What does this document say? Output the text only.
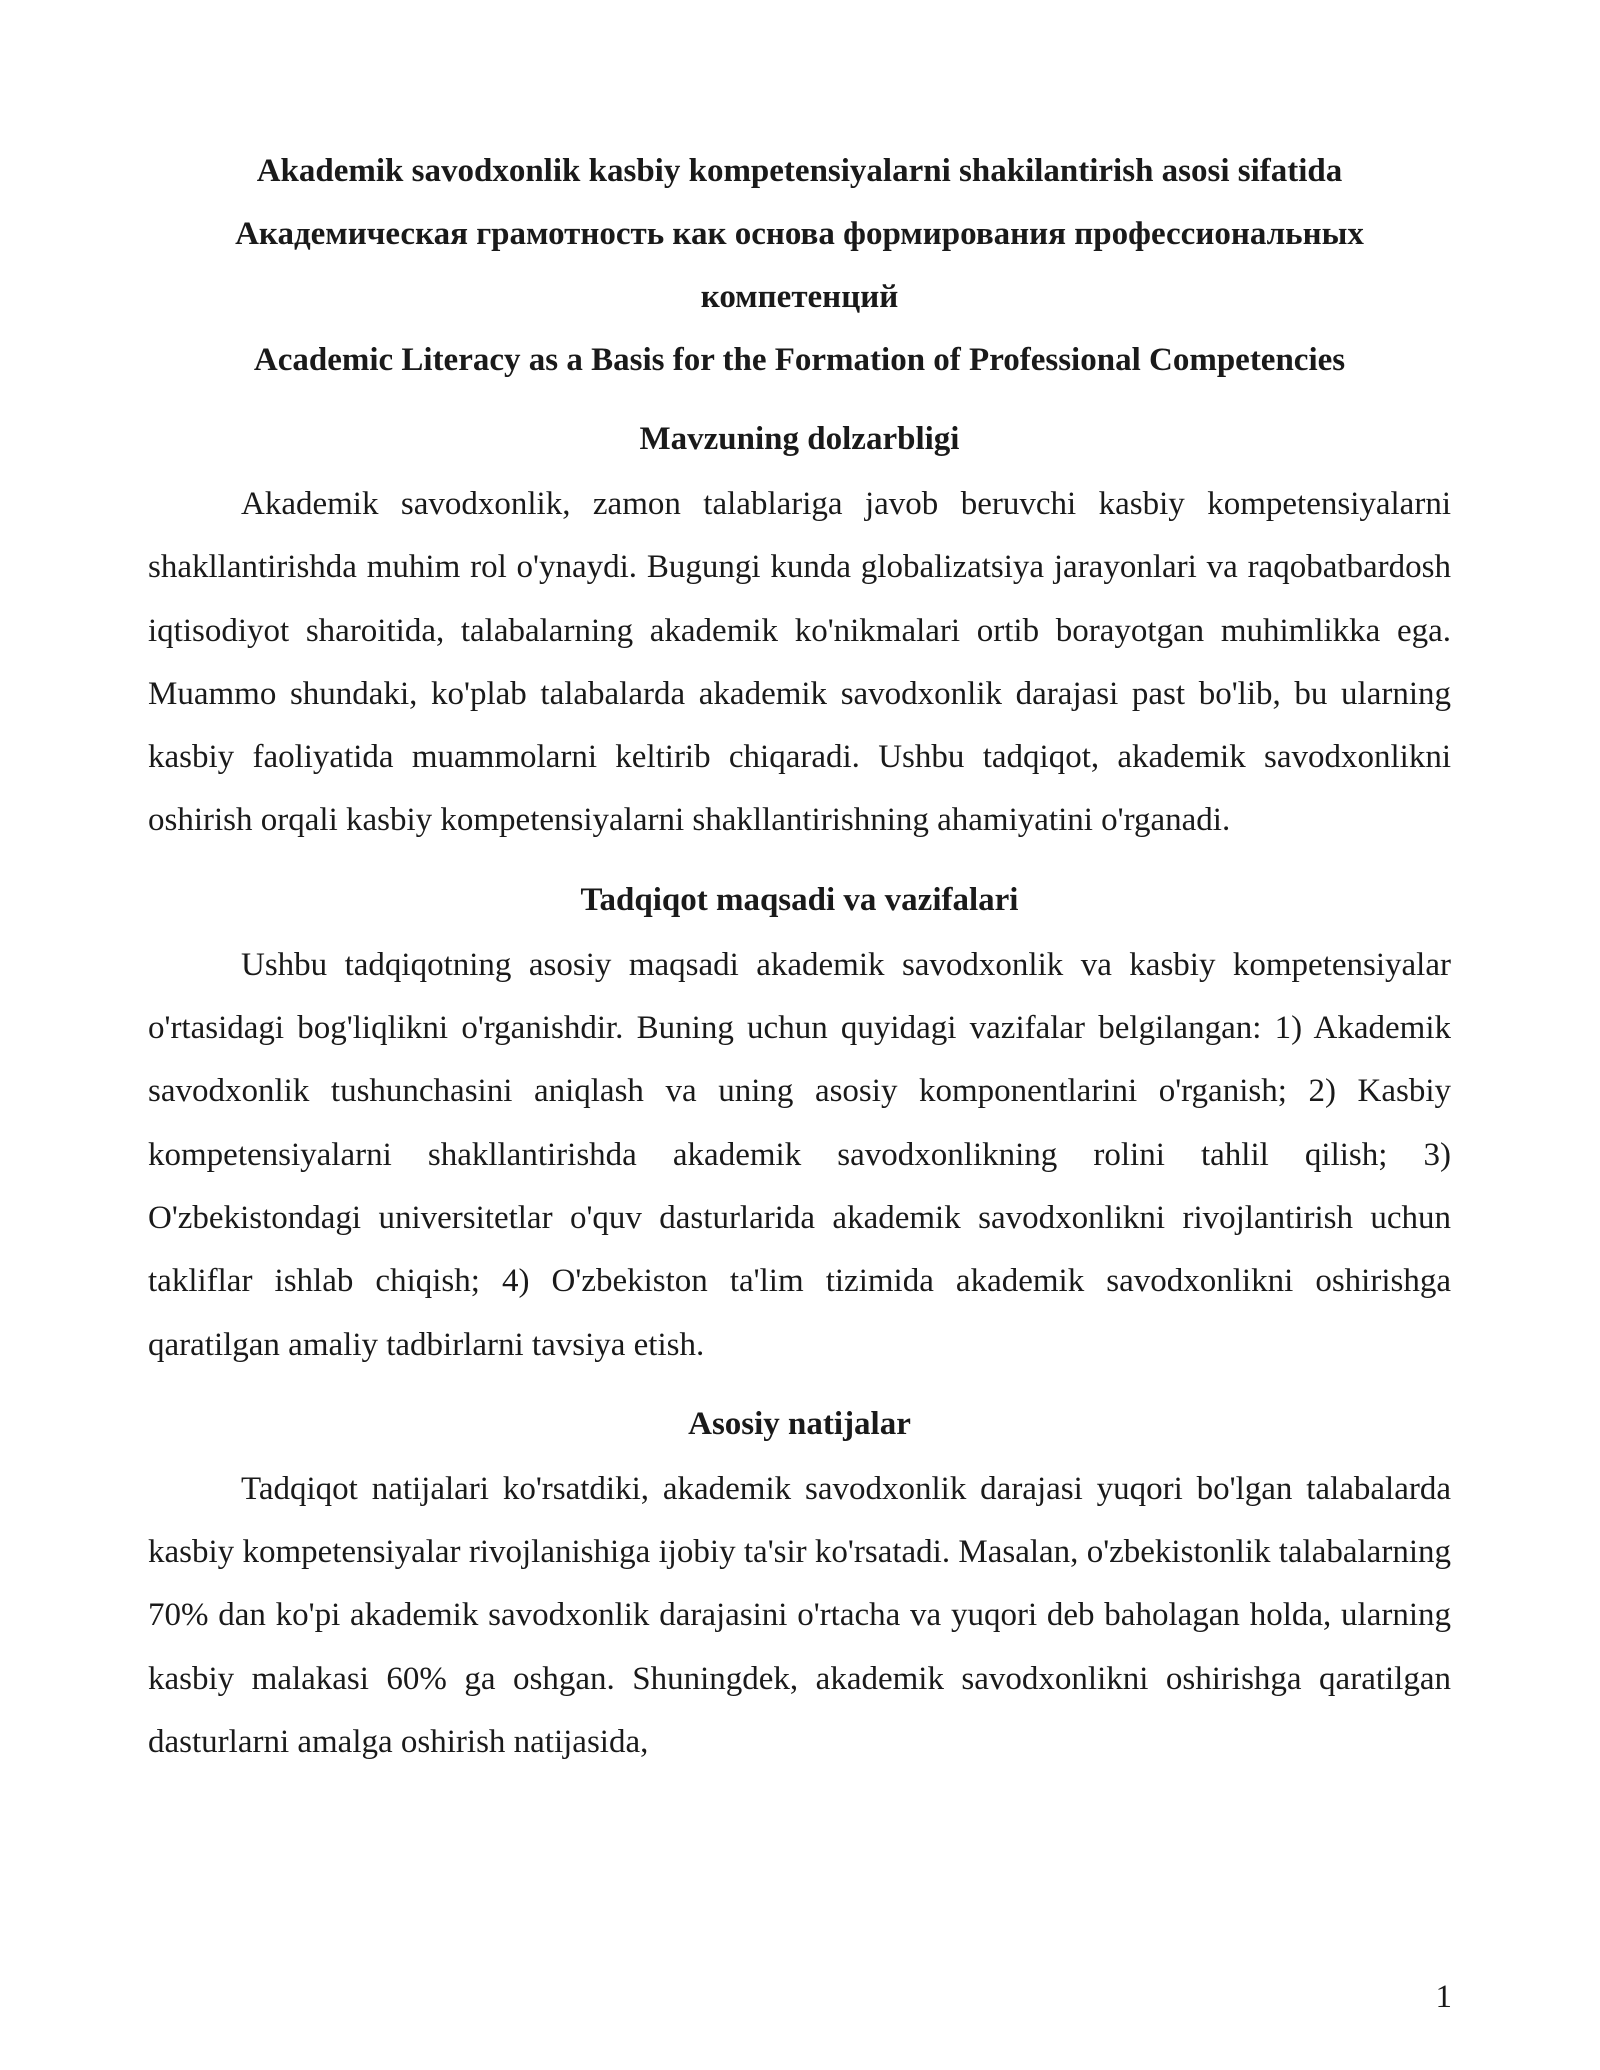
Akademik savodxonlik kasbiy kompetensiyalarni shakilantirish asosi sifatida

Академическая грамотность как основа формирования профессиональных компетенций

Academic Literacy as a Basis for the Formation of Professional Competencies

Mavzuning dolzarbligi

Akademik savodxonlik, zamon talablariga javob beruvchi kasbiy kompetensiyalarni shakllantirishda muhim rol o'ynaydi. Bugungi kunda globalizatsiya jarayonlari va raqobatbardosh iqtisodiyot sharoitida, talabalarning akademik ko'nikmalari ortib borayotgan muhimlikka ega. Muammo shundaki, ko'plab talabalarda akademik savodxonlik darajasi past bo'lib, bu ularning kasbiy faoliyatida muammolarni keltirib chiqaradi. Ushbu tadqiqot, akademik savodxonlikni oshirish orqali kasbiy kompetensiyalarni shakllantirishning ahamiyatini o'rganadi.

Tadqiqot maqsadi va vazifalari

Ushbu tadqiqotning asosiy maqsadi akademik savodxonlik va kasbiy kompetensiyalar o'rtasidagi bog'liqlikni o'rganishdir. Buning uchun quyidagi vazifalar belgilangan: 1) Akademik savodxonlik tushunchasini aniqlash va uning asosiy komponentlarini o'rganish; 2) Kasbiy kompetensiyalarni shakllantirishda akademik savodxonlikning rolini tahlil qilish; 3) O'zbekistondagi universitetlar o'quv dasturlarida akademik savodxonlikni rivojlantirish uchun takliflar ishlab chiqish; 4) O'zbekiston ta'lim tizimida akademik savodxonlikni oshirishga qaratilgan amaliy tadbirlarni tavsiya etish.

Asosiy natijalar

Tadqiqot natijalari ko'rsatdiki, akademik savodxonlik darajasi yuqori bo'lgan talabalarda kasbiy kompetensiyalar rivojlanishiga ijobiy ta'sir ko'rsatadi. Masalan, o'zbekistonlik talabalarning 70% dan ko'pi akademik savodxonlik darajasini o'rtacha va yuqori deb baholagan holda, ularning kasbiy malakasi 60% ga oshgan. Shuningdek, akademik savodxonlikni oshirishga qaratilgan dasturlarni amalga oshirish natijasida,

1
